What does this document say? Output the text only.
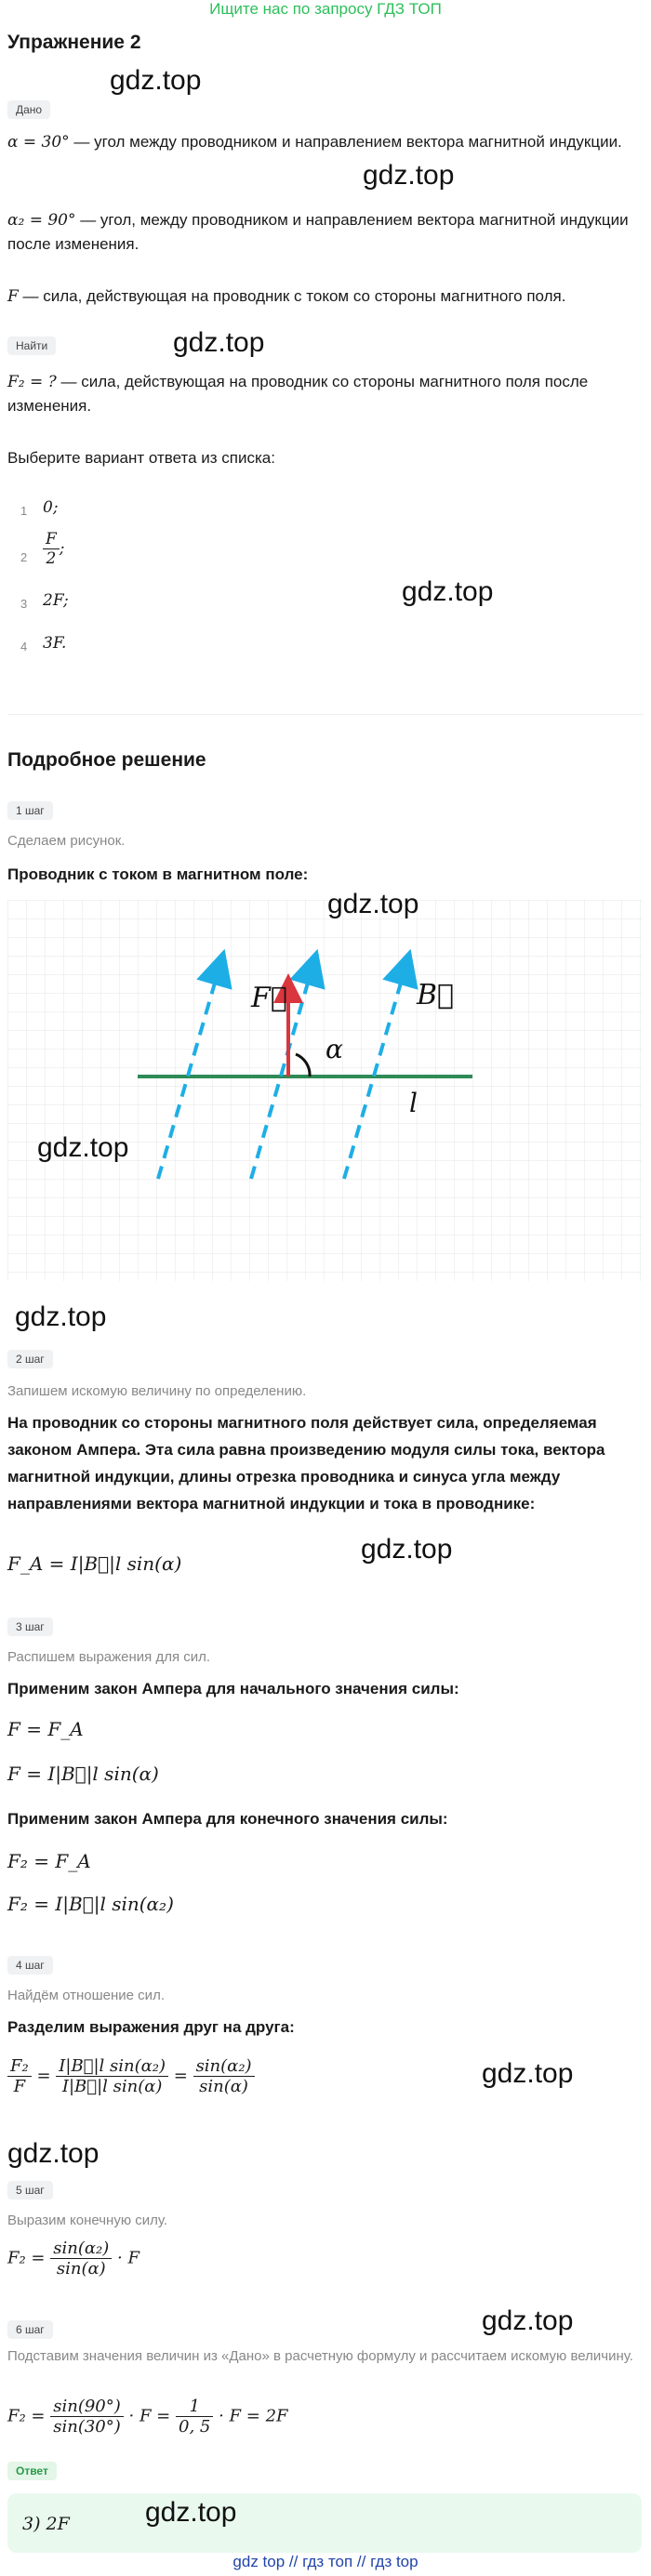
Ищите нас по запросу ГДЗ ТОП
Упражнение 2
gdz.top
Дано
α = 30° — угол между проводником и направлением вектора магнитной индукции.
gdz.top
α₂ = 90° — угол, между проводником и направлением вектора магнитной индукции после изменения.
F — сила, действующая на проводник с током со стороны магнитного поля.
Найти	gdz.top
F₂ = ? — сила, действующая на проводник со стороны магнитного поля после изменения.
Выберите вариант ответа из списка:
1 0;
$2 \frac{F}{2}$ ;
gdz.top
3 2F;
4 3F.
Подробное решение
1 шаг
Сделаем рисунок.
Проводник с током в магнитном поле:
F⃗	B⃗
α
l
gdz.top
gdz.top
gdz.top
2 шаг
Запишем искомую величину по определению.
На проводник со стороны магнитного поля действует сила, определяемая законом Ампера. Эта сила равна произведению модуля силы тока, вектора магнитной индукции, длины отрезка проводника и синуса угла между направлениями вектора магнитной индукции и тока в проводнике:
gdz.top
F_A = I|B⃗|l sin(α)
3 шаг
Распишем выражения для сил.
Применим закон Ампера для начального значения силы:
F = F_A
F = I|B⃗|l sin(α)
Применим закон Ампера для конечного значения силы:
F₂ = F_A
F₂ = I|B⃗|l sin(α₂)
4 шаг
Найдём отношение сил.
Разделим выражения друг на друга:
$\frac{\text{F₂}}{F} = \frac{\text{I|B⃗|l sin(α₂)}}{\text{I|B⃗|l sin(α)}} = \frac{\text{sin(α₂)}}{\sin(\alpha)}$	gdz.top
gdz.top
5 шаг
Выразим конечную силу.
$F_2 = \frac{\text{sin(α₂)}}{\sin(\alpha)} \cdot F$
6 шаг	gdz.top
Подставим значения величин из «Дано» в расчетную формулу и рассчитаем искомую величину.
$F_2 = \frac{\sin(90^\circ)}{\sin(30^\circ)} \cdot F = \frac{1}{0, 5} \cdot F = 2F$
Ответ
3) 2F	gdz.top
gdz top // гдз топ // гдз top
